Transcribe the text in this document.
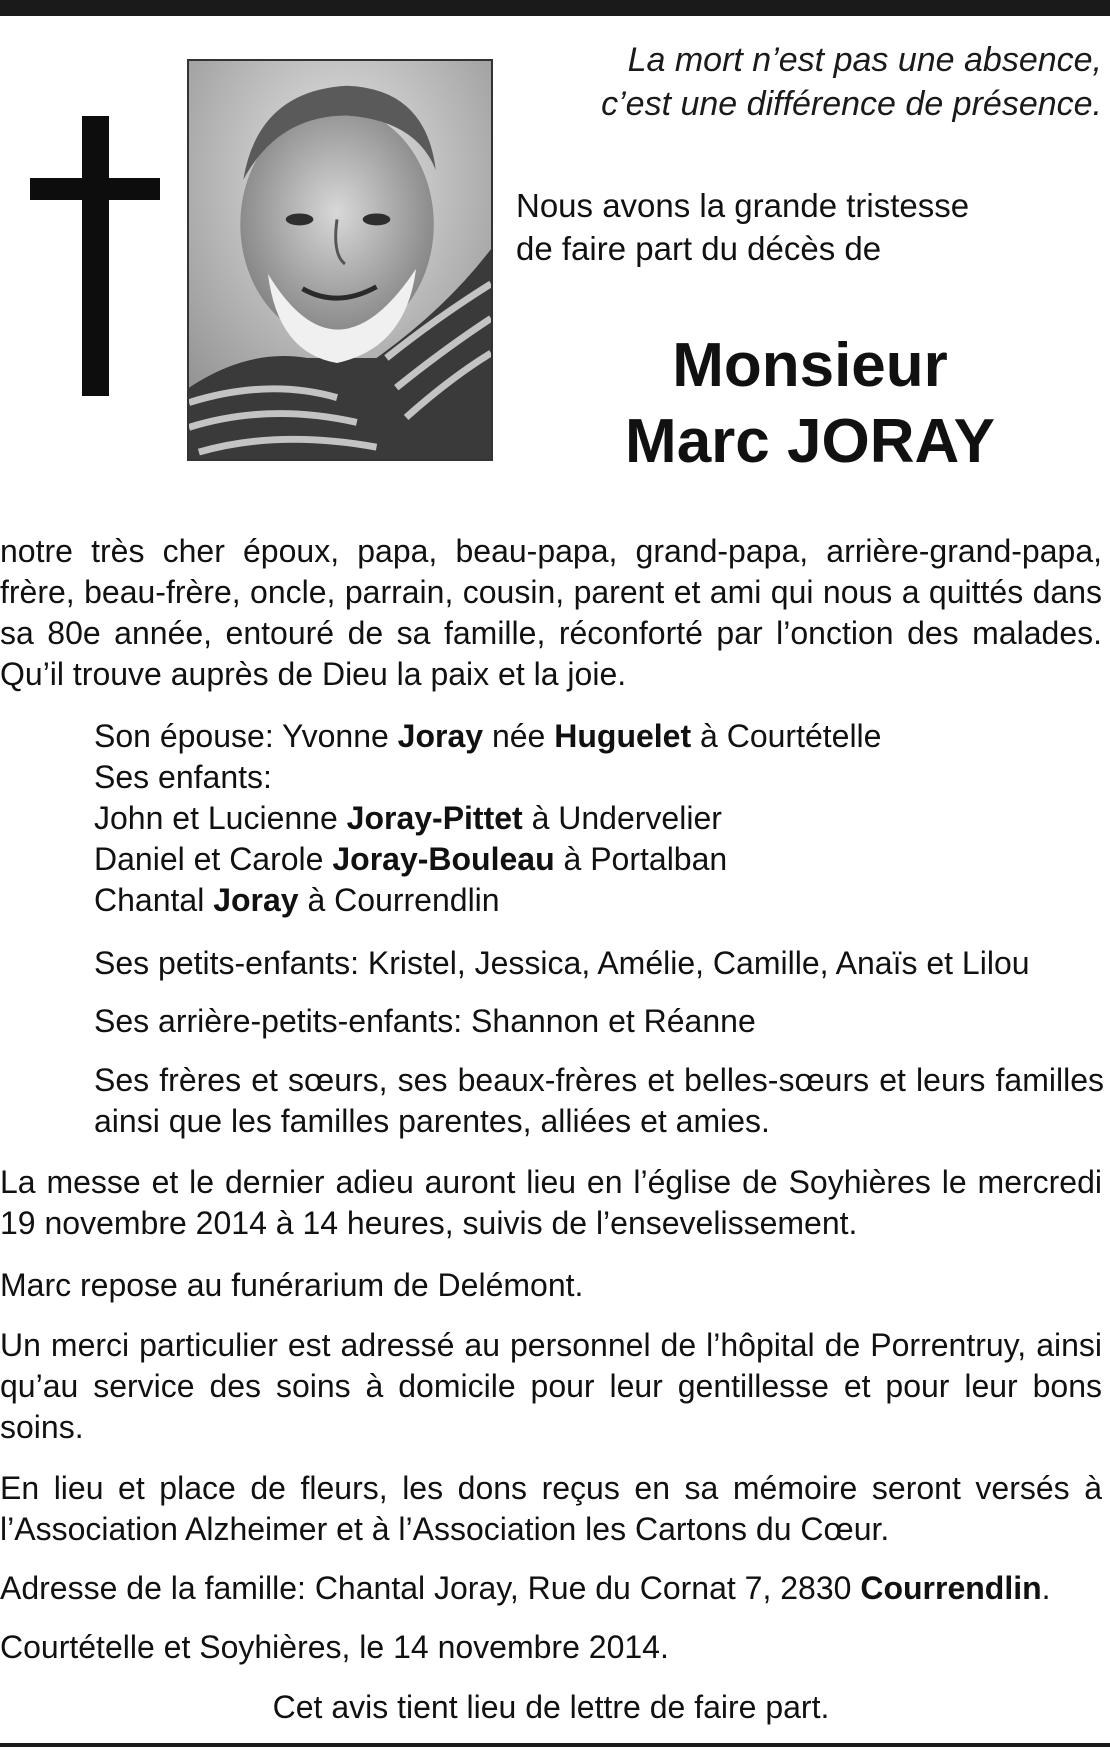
La mort n’est pas une absence,
c’est une différence de présence.
Nous avons la grande tristesse
de faire part du décès de
Monsieur
Marc JORAY
notre très cher époux, papa, beau-papa, grand-papa, arrière-grand-papa, frère, beau-frère, oncle, parrain, cousin, parent et ami qui nous a quittés dans sa 80e année, entouré de sa famille, réconforté par l’onction des malades. Qu’il trouve auprès de Dieu la paix et la joie.
Son épouse: Yvonne Joray née Huguelet à Courtételle
Ses enfants:
John et Lucienne Joray-Pittet à Undervelier
Daniel et Carole Joray-Bouleau à Portalban
Chantal Joray à Courrendlin
Ses petits-enfants: Kristel, Jessica, Amélie, Camille, Anaïs et Lilou
Ses arrière-petits-enfants: Shannon et Réanne
Ses frères et sœurs, ses beaux-frères et belles-sœurs et leurs familles ainsi que les familles parentes, alliées et amies.
La messe et le dernier adieu auront lieu en l’église de Soyhières le mercredi 19 novembre 2014 à 14 heures, suivis de l’ensevelissement.
Marc repose au funérarium de Delémont.
Un merci particulier est adressé au personnel de l’hôpital de Porrentruy, ainsi qu’au service des soins à domicile pour leur gentillesse et pour leur bons soins.
En lieu et place de fleurs, les dons reçus en sa mémoire seront versés à l’Association Alzheimer et à l’Association les Cartons du Cœur.
Adresse de la famille: Chantal Joray, Rue du Cornat 7, 2830 Courrendlin.
Courtételle et Soyhières, le 14 novembre 2014.
Cet avis tient lieu de lettre de faire part.
